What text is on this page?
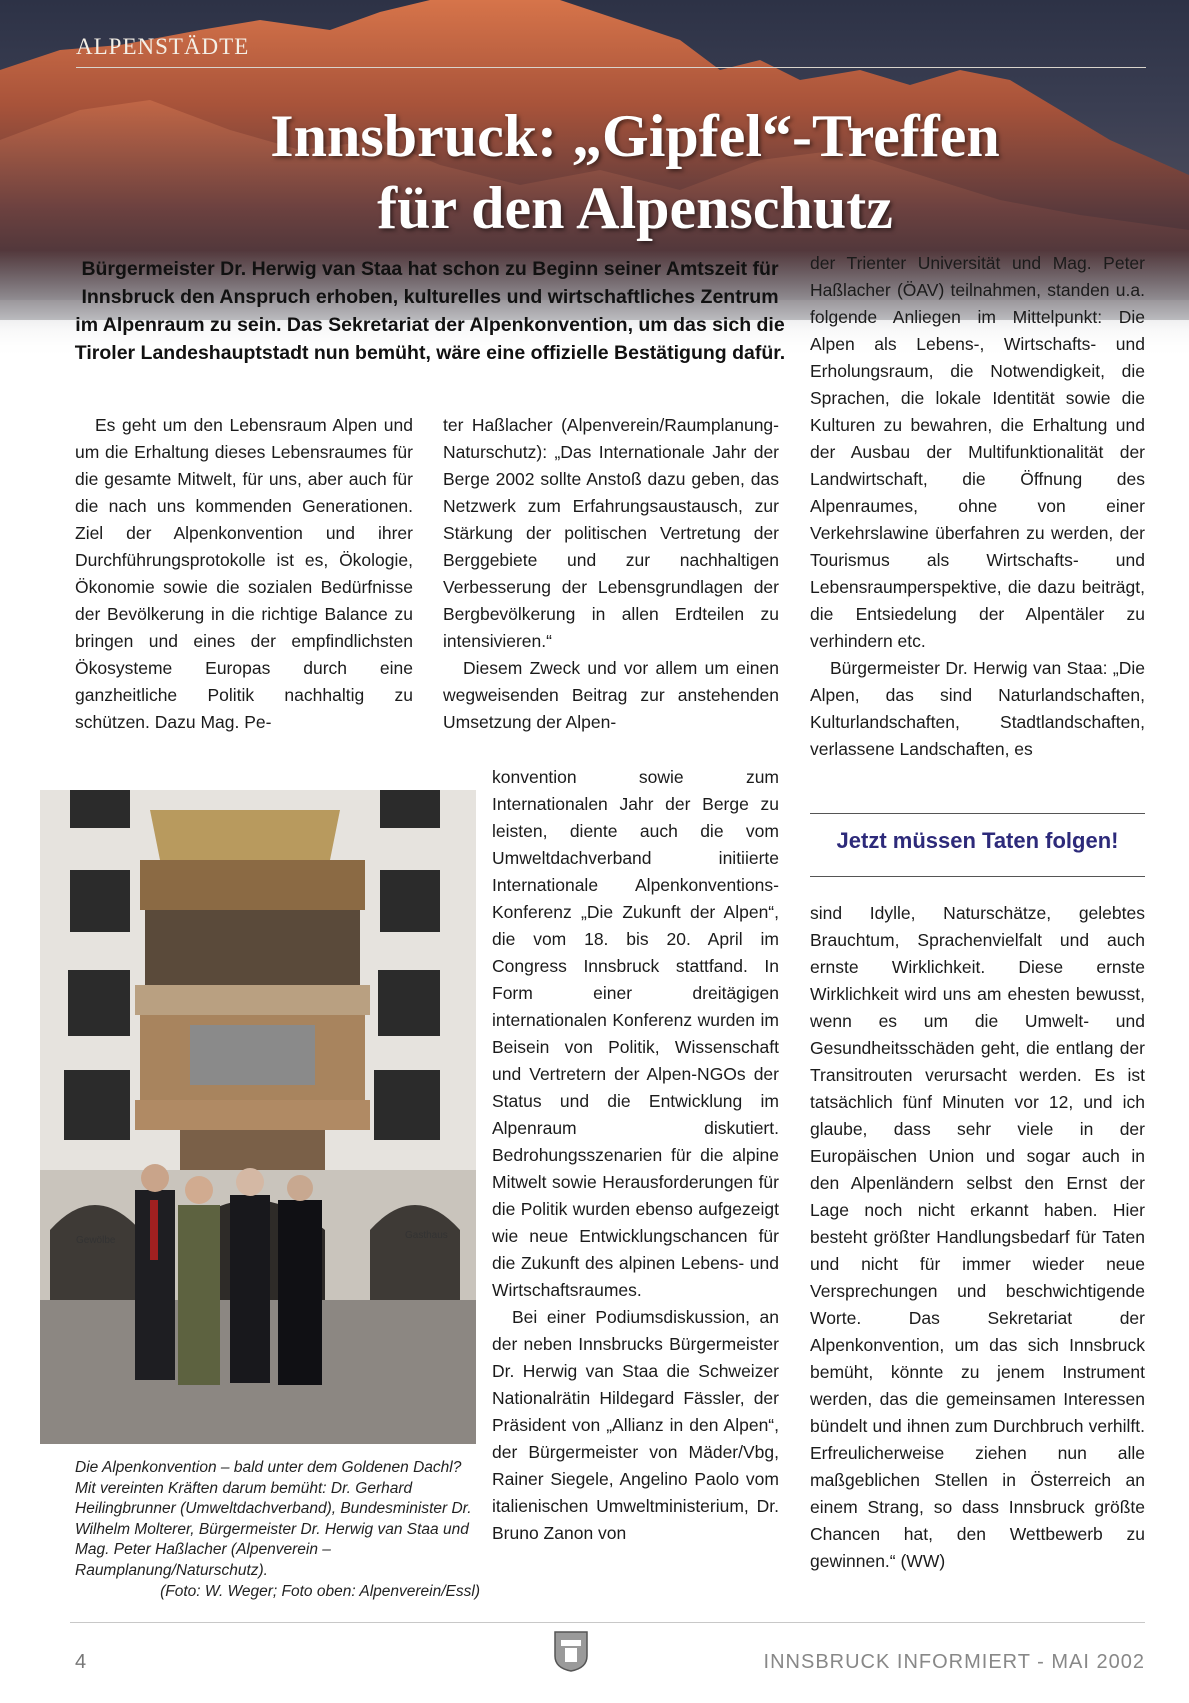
ALPENSTÄDTE
Innsbruck: „Gipfel“-Treffen
für den Alpenschutz
Bürgermeister Dr. Herwig van Staa hat schon zu Beginn seiner Amtszeit für Innsbruck den Anspruch erhoben, kulturelles und wirtschaftliches Zentrum im Alpenraum zu sein. Das Sekretariat der Alpenkonvention, um das sich die Tiroler Landeshauptstadt nun bemüht, wäre eine offizielle Bestätigung dafür.

Es geht um den Lebensraum Alpen und um die Erhaltung dieses Lebensraumes für die gesamte Mitwelt, für uns, aber auch für die nach uns kommenden Generationen. Ziel der Alpenkonvention und ihrer Durchführungsprotokolle ist es, Ökologie, Ökonomie sowie die sozialen Bedürfnisse der Bevölkerung in die richtige Balance zu bringen und eines der empfindlichsten Ökosysteme Europas durch eine ganzheitliche Politik nachhaltig zu schützen. Dazu Mag. Pe-

Gewölbe	Gasthaus
Die Alpenkonvention – bald unter dem Goldenen Dachl? Mit vereinten Kräften darum bemüht: Dr. Gerhard Heilingbrunner (Umweltdachverband), Bundesminister Dr. Wilhelm Molterer, Bürgermeister Dr. Herwig van Staa und Mag. Peter Haßlacher (Alpenverein – Raumplanung/Naturschutz).
(Foto: W. Weger; Foto oben: Alpenverein/Essl)

ter Haßlacher (Alpenverein/Raumplanung-Naturschutz): „Das Internationale Jahr der Berge 2002 sollte Anstoß dazu geben, das Netzwerk zum Erfahrungsaustausch, zur Stärkung der politischen Vertretung der Berggebiete und zur nachhaltigen Verbesserung der Lebensgrundlagen der Bergbevölkerung in allen Erdteilen zu intensivieren.“

Diesem Zweck und vor allem um einen wegweisenden Beitrag zur anstehenden Umsetzung der Alpen-

konvention sowie zum Internationalen Jahr der Berge zu leisten, diente auch die vom Umweltdachverband initiierte Internationale Alpenkonventions-Konferenz „Die Zukunft der Alpen“, die vom 18. bis 20. April im Congress Innsbruck stattfand. In Form einer dreitägigen internationalen Konferenz wurden im Beisein von Politik, Wissenschaft und Vertretern der Alpen-NGOs der Status und die Entwicklung im Alpenraum diskutiert. Bedrohungsszenarien für die alpine Mitwelt sowie Herausforderungen für die Politik wurden ebenso aufgezeigt wie neue Entwicklungschancen für die Zukunft des alpinen Lebens- und Wirtschaftsraumes.

Bei einer Podiumsdiskussion, an der neben Innsbrucks Bürgermeister Dr. Herwig van Staa die Schweizer Nationalrätin Hildegard Fässler, der Präsident von „Allianz in den Alpen“, der Bürgermeister von Mäder/Vbg, Rainer Siegele, Angelino Paolo vom italienischen Umweltministerium, Dr. Bruno Zanon von

der Trienter Universität und Mag. Peter Haßlacher (ÖAV) teilnahmen, standen u.a. folgende Anliegen im Mittelpunkt: Die Alpen als Lebens-, Wirtschafts- und Erholungsraum, die Notwendigkeit, die Sprachen, die lokale Identität sowie die Kulturen zu bewahren, die Erhaltung und der Ausbau der Multifunktionalität der Landwirtschaft, die Öffnung des Alpenraumes, ohne von einer Verkehrslawine überfahren zu werden, der Tourismus als Wirtschafts- und Lebensraumperspektive, die dazu beiträgt, die Entsiedelung der Alpentäler zu verhindern etc.

Bürgermeister Dr. Herwig van Staa: „Die Alpen, das sind Naturlandschaften, Kulturlandschaften, Stadtlandschaften, verlassene Landschaften, es

Jetzt müssen Taten folgen!

sind Idylle, Naturschätze, gelebtes Brauchtum, Sprachenvielfalt und auch ernste Wirklichkeit. Diese ernste Wirklichkeit wird uns am ehesten bewusst, wenn es um die Umwelt- und Gesundheitsschäden geht, die entlang der Transitrouten verursacht werden. Es ist tatsächlich fünf Minuten vor 12, und ich glaube, dass sehr viele in der Europäischen Union und sogar auch in den Alpenländern selbst den Ernst der Lage noch nicht erkannt haben. Hier besteht größter Handlungsbedarf für Taten und nicht für immer wieder neue Versprechungen und beschwichtigende Worte. Das Sekretariat der Alpenkonvention, um das sich Innsbruck bemüht, könnte zu jenem Instrument werden, das die gemeinsamen Interessen bündelt und ihnen zum Durchbruch verhilft. Erfreulicherweise ziehen nun alle maßgeblichen Stellen in Österreich an einem Strang, so dass Innsbruck größte Chancen hat, den Wettbewerb zu gewinnen.“ (WW)

4	INNSBRUCK INFORMIERT - MAI 2002
